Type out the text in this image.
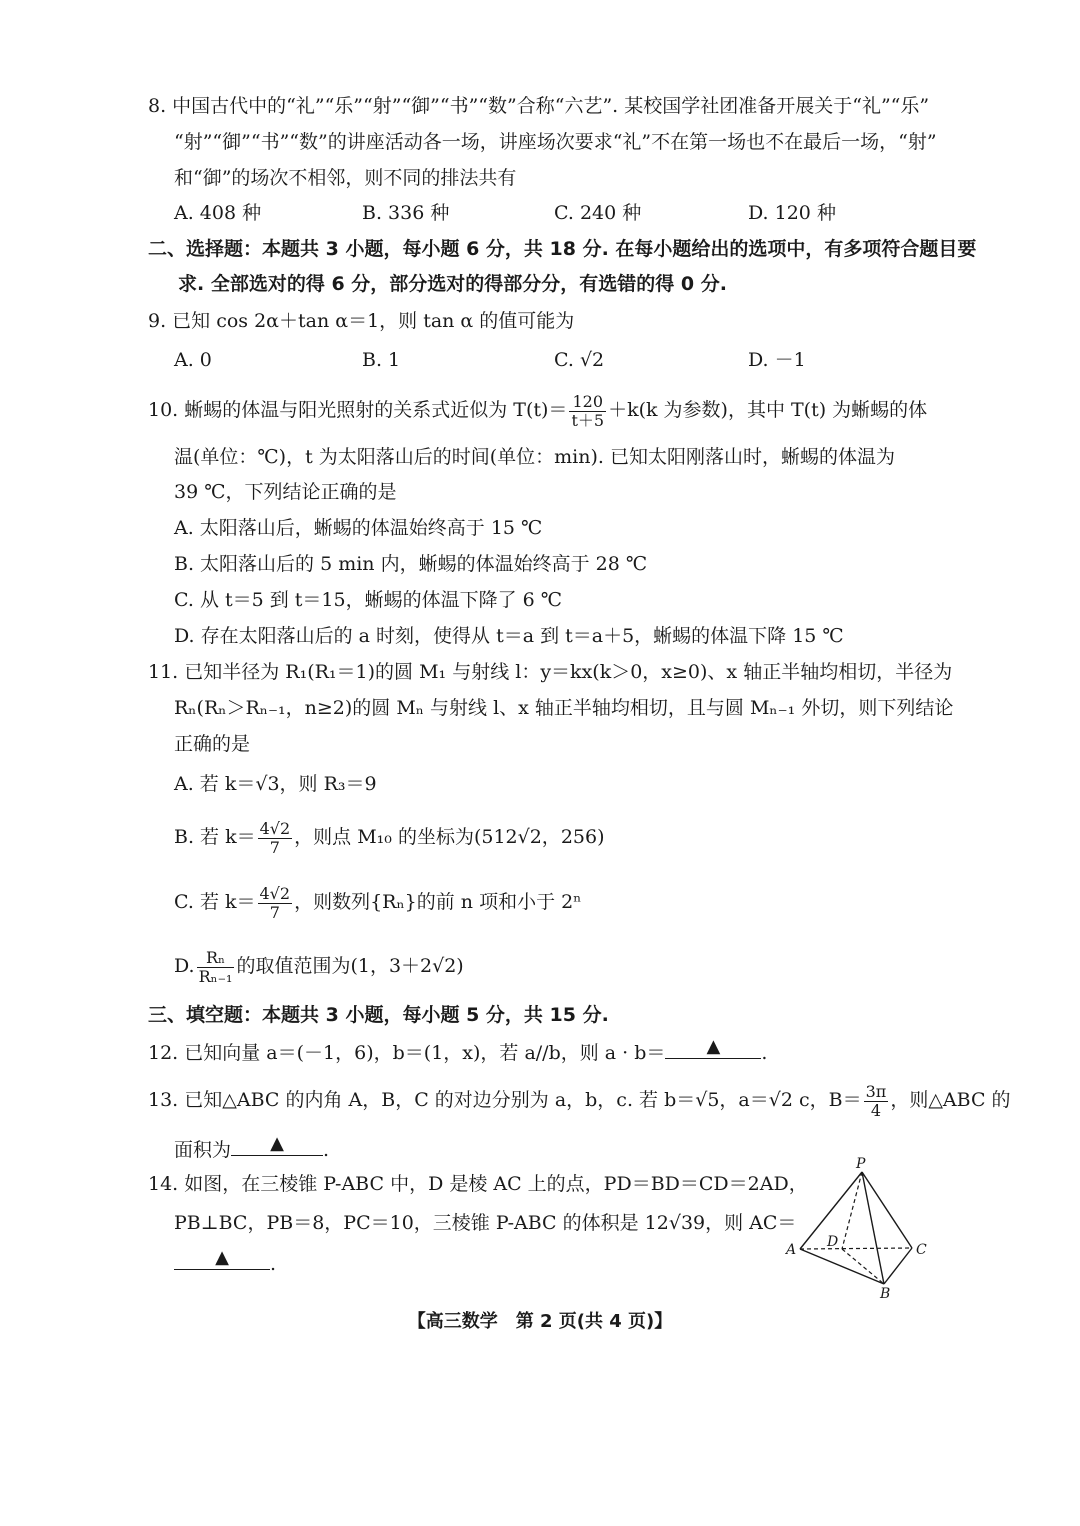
8. 中国古代中的“礼”“乐”“射”“御”“书”“数”合称“六艺”. 某校国学社团准备开展关于“礼”“乐”
“射”“御”“书”“数”的讲座活动各一场，讲座场次要求“礼”不在第一场也不在最后一场，“射”
和“御”的场次不相邻，则不同的排法共有
A. 408 种	B. 336 种	C. 240 种	D. 120 种
二、选择题：本题共 3 小题，每小题 6 分，共 18 分. 在每小题给出的选项中，有多项符合题目要
求. 全部选对的得 6 分，部分选对的得部分分，有选错的得 0 分.
9. 已知 cos 2α＋tan α＝1，则 tan α 的值可能为
A. 0	B. 1	C. √2	D. －1
10. 蜥蜴的体温与阳光照射的关系式近似为 $T(t)= \frac{120}{t+5} +k(k$ 为参数)，其中 T(t) 为蜥蜴的体
温(单位：℃)，t 为太阳落山后的时间(单位：min). 已知太阳刚落山时，蜥蜴的体温为
39 ℃，下列结论正确的是
A. 太阳落山后，蜥蜴的体温始终高于 15 ℃
B. 太阳落山后的 5 min 内，蜥蜴的体温始终高于 28 ℃
C. 从 t＝5 到 t＝15，蜥蜴的体温下降了 6 ℃
D. 存在太阳落山后的 a 时刻，使得从 t＝a 到 t＝a＋5，蜥蜴的体温下降 15 ℃
11. 已知半径为 R₁(R₁＝1)的圆 M₁ 与射线 l：y＝kx(k＞0，x≥0)、x 轴正半轴均相切，半径为
Rₙ(Rₙ＞Rₙ₋₁，n≥2)的圆 Mₙ 与射线 l、x 轴正半轴均相切，且与圆 Mₙ₋₁ 外切，则下列结论
正确的是
A. 若 k＝√3，则 R₃＝9
B. 若 $k= \frac{4√2}{7}$ ，则点 M₁₀ 的坐标为(512√2，256)
C. 若 $k= \frac{4√2}{7}$ ，则数列{Rₙ}的前 n 项和小于 2ⁿ
D. $\frac{\text{Rₙ}}{\text{Rₙ₋₁}}$ 的取值范围为(1，3＋2√2)
三、填空题：本题共 3 小题，每小题 5 分，共 15 分.
12. 已知向量 a＝(－1，6)，b＝(1，x)，若 a//b，则 a · b＝ ▲ .
13. 已知△ABC 的内角 A，B，C 的对边分别为 a，b，c. 若 b＝√5，a＝√2 c，$B= \frac{3\pi}{4}$ ，则△ABC 的
面积为 ▲ .
14. 如图，在三棱锥 P-ABC 中，D 是棱 AC 上的点，PD＝BD＝CD＝2AD，
PB⊥BC，PB＝8，PC＝10，三棱锥 P-ABC 的体积是 12√39，则 AC＝
▲ .
P
A	C
B
D
【高三数学　第 2 页(共 4 页)】
